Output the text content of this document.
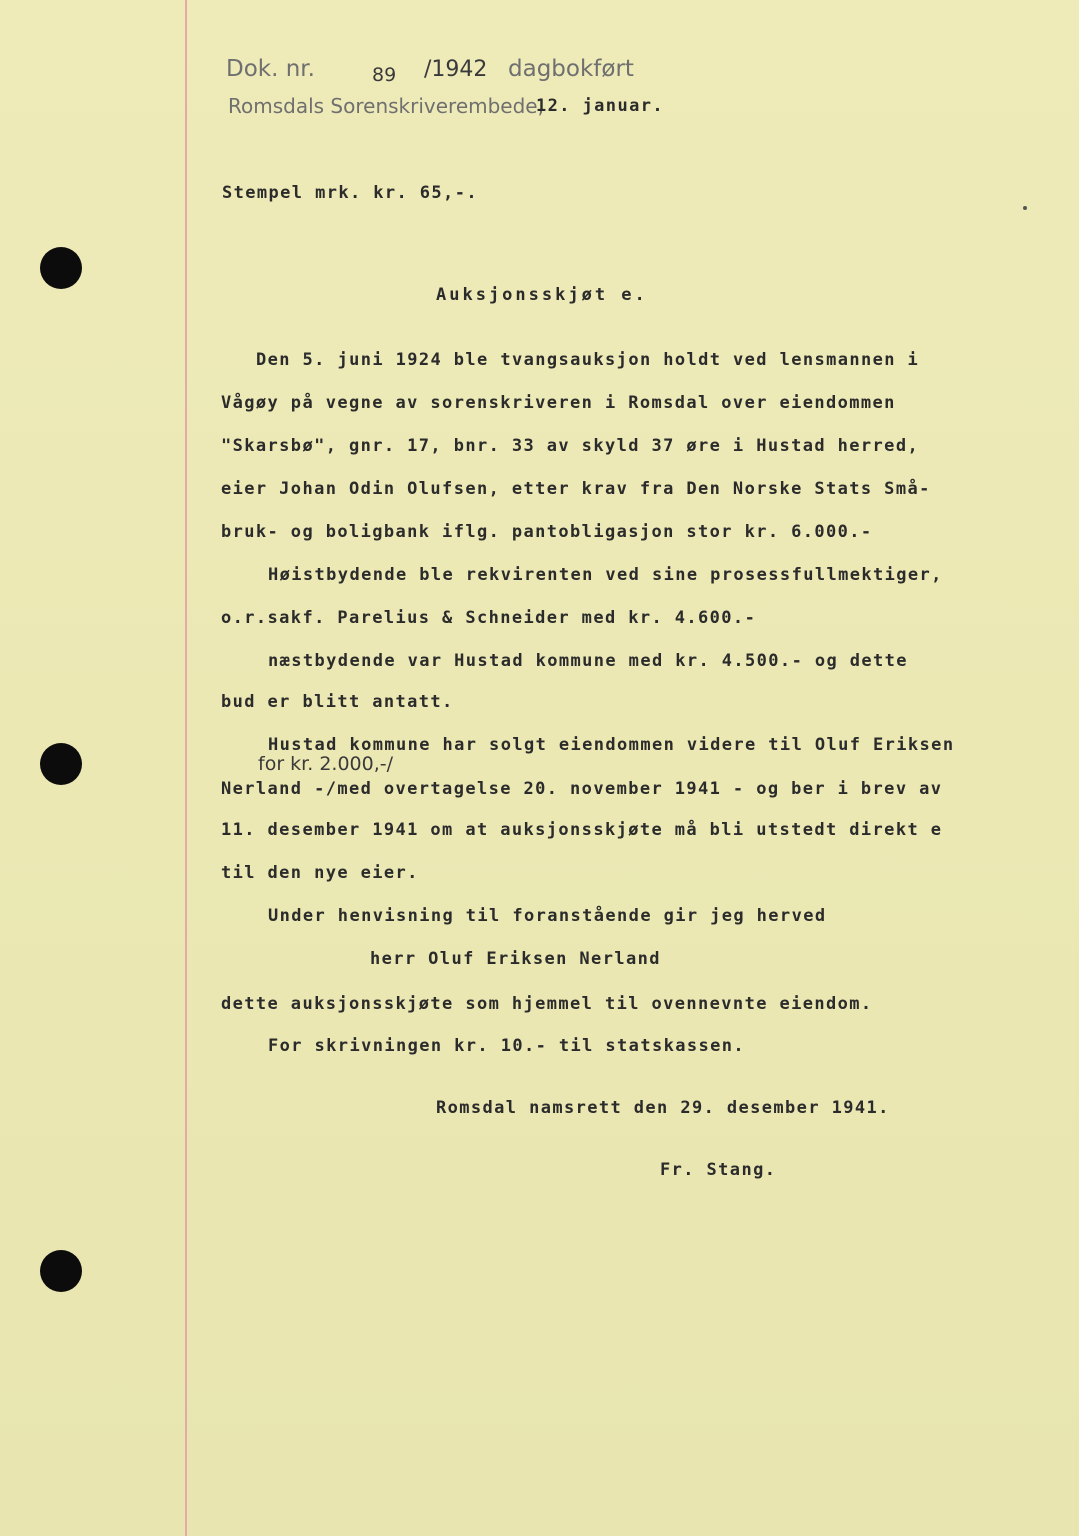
Dok. nr.	89 /1942 dagbokført
Romsdals Sorenskriverembede,
12. januar.
Stempel mrk. kr. 65,-.
Auksjonsskjøt e.
Den 5. juni 1924 ble tvangsauksjon holdt ved lensmannen i
Vågøy på vegne av sorenskriveren i Romsdal over eiendommen
"Skarsbø", gnr. 17, bnr. 33 av skyld 37 øre i Hustad herred,
eier Johan Odin Olufsen, etter krav fra Den Norske Stats Små-
bruk- og boligbank iflg. pantobligasjon stor kr. 6.000.-
Høistbydende ble rekvirenten ved sine prosessfullmektiger,
o.r.sakf. Parelius & Schneider med kr. 4.600.-
næstbydende var Hustad kommune med kr. 4.500.- og dette
bud er blitt antatt.
Hustad kommune har solgt eiendommen videre til Oluf Eriksen
for kr. 2.000,-/
Nerland -/med overtagelse 20. november 1941 - og ber i brev av
11. desember 1941 om at auksjonsskjøte må bli utstedt direkt e
til den nye eier.
Under henvisning til foranstående gir jeg herved
herr Oluf Eriksen Nerland
dette auksjonsskjøte som hjemmel til ovennevnte eiendom.
For skrivningen kr. 10.- til statskassen.
Romsdal namsrett den 29. desember 1941.
Fr. Stang.
